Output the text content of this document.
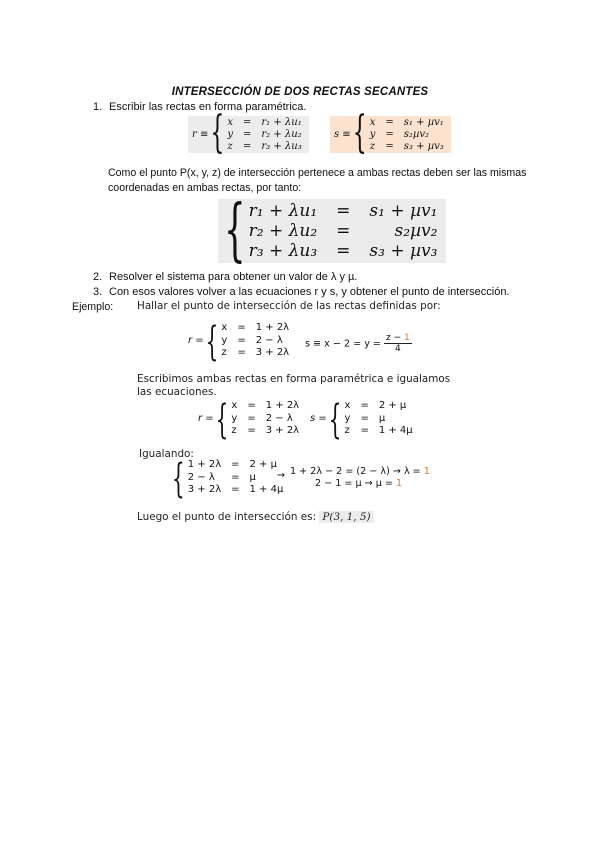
INTERSECCIÓN DE DOS RECTAS SECANTES
1. Escribir las rectas en forma paramétrica.
r ≡ { x	=	r₁ + λu₁
y	=	r₂ + λu₂
z	=	r₃ + λu₃
s ≡ { x	=	s₁ + µv₁
y	=	s₂µv₂
z	=	s₃ + µv₃
Como el punto P(x, y, z) de intersección pertenece a ambas rectas deben ser las mismas coordenadas en ambas rectas, por tanto:
{ r₁ + λu₁	=	s₁ + µv₁
r₂ + λu₂	=	s₂µv₂
r₃ + λu₃	=	s₃ + µv₃
2. Resolver el sistema para obtener un valor de λ y µ.
3. Con esos valores volver a las ecuaciones r y s, y obtener el punto de intersección.
Ejemplo: Hallar el punto de intersección de las rectas definidas por:
r = { x	=	1 + 2λ
y	=	2 − λ
z	=	3 + 2λ
$s \equiv x - 2 = y = \frac{z - 1}{4}$
Escribimos ambas rectas en forma paramétrica e igualamos
las ecuaciones.
r = { x	=	1 + 2λ
y	=	2 − λ
z	=	3 + 2λ
s = { x	=	2 + µ
y	=	µ
z	=	1 + 4µ
Igualando:
{ 1 + 2λ	=	2 + µ
2 − λ	=	µ
3 + 2λ	=	1 + 4µ
→ 1 + 2λ − 2 = (2 − λ) → λ = 1
2 − 1 = µ → µ = 1
Luego el punto de intersección es: P(3, 1, 5)
